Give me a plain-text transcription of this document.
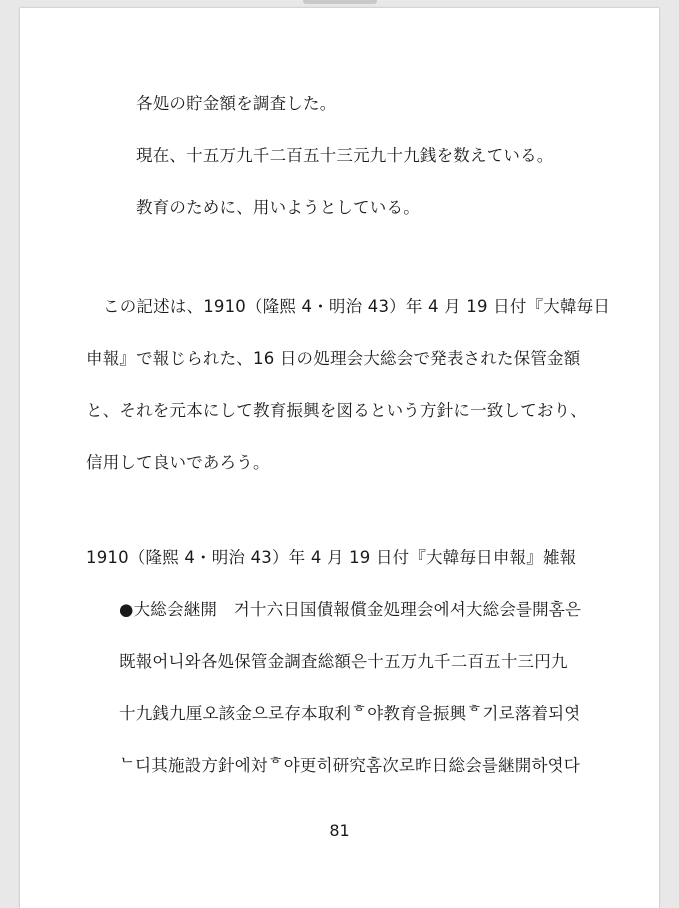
各処の貯金額を調査した。
現在、十五万九千二百五十三元九十九銭を数えている。
教育のために、用いようとしている。
この記述は、1910（隆熙 4・明治 43）年 4 月 19 日付『大韓毎日
申報』で報じられた、16 日の処理会大総会で発表された保管金額
と、それを元本にして教育振興を図るという方針に一致しており、
信用して良いであろう。
1910（隆熙 4・明治 43）年 4 月 19 日付『大韓毎日申報』雑報
●大総会継開　거十六日国債報償金処理会에셔大総会를開홈은
既報어니와各処保管金調査総額은十五万九千二百五十三円九
十九銭九厘오該金으로存本取利ᄒ야教育을振興ᄒ기로落着되엿
ᄂ디其施設方針에対ᄒ야更히研究홈次로昨日総会를継開하엿다
81
